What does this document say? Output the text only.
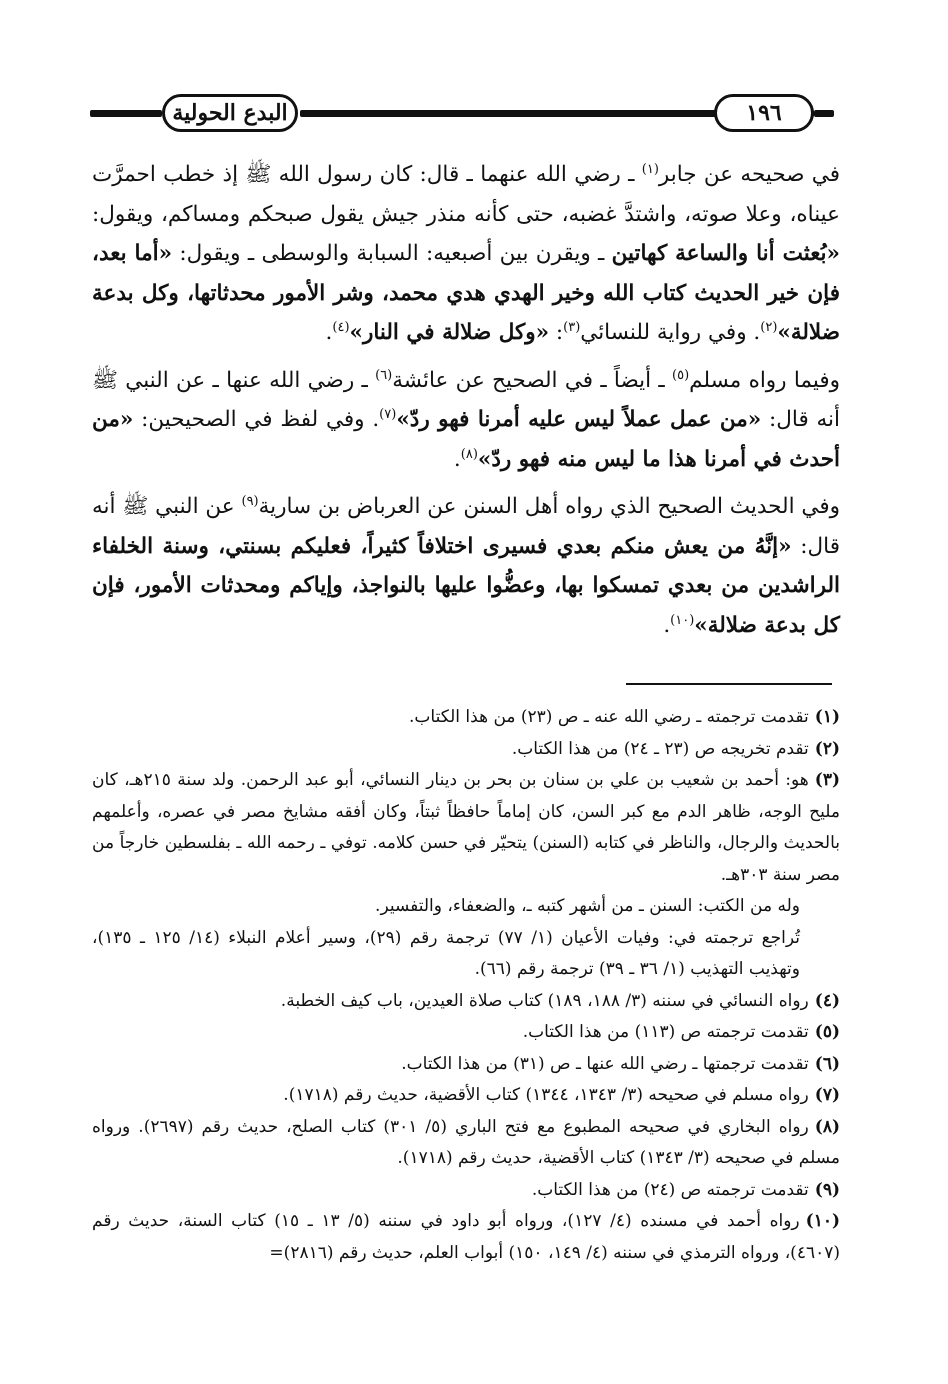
البدع الحولية	١٩٦

في صحيحه عن جابر$^{(١)}$ ـ رضي الله عنهما ـ قال: كان رسول الله ﷺ إذ خطب احمرَّت عيناه، وعلا صوته، واشتدَّ غضبه، حتى كأنه منذر جيش يقول صبحكم ومساكم، ويقول: «بُعثت أنا والساعة كهاتين ـ ويقرن بين أصبعيه: السبابة والوسطى ـ ويقول: «أما بعد، فإن خير الحديث كتاب الله وخير الهدي هدي محمد، وشر الأمور محدثاتها، وكل بدعة ضلالة»$^{(٢)}$. وفي رواية للنسائي$^{(٣)}$: «وكل ضلالة في النار»$^{(٤)}$.

وفيما رواه مسلم$^{(٥)}$ ـ أيضاً ـ في الصحيح عن عائشة$^{(٦)}$ ـ رضي الله عنها ـ عن النبي ﷺ أنه قال: «من عمل عملاً ليس عليه أمرنا فهو ردّ»$^{(٧)}$. وفي لفظ في الصحيحين: «من أحدث في أمرنا هذا ما ليس منه فهو ردّ»$^{(٨)}$.

وفي الحديث الصحيح الذي رواه أهل السنن عن العرباض بن سارية$^{(٩)}$ عن النبي ﷺ أنه قال: «إنَّهُ من يعش منكم بعدي فسيرى اختلافاً كثيراً، فعليكم بسنتي، وسنة الخلفاء الراشدين من بعدي تمسكوا بها، وعضُّوا عليها بالنواجذ، وإياكم ومحدثات الأمور، فإن كل بدعة ضلالة»$^{(١٠)}$.

(١)تقدمت ترجمته ـ رضي الله عنه ـ ص (٢٣) من هذا الكتاب.

(٢)تقدم تخريجه ص (٢٣ ـ ٢٤) من هذا الكتاب.

(٣)هو: أحمد بن شعيب بن علي بن سنان بن بحر بن دينار النسائي، أبو عبد الرحمن. ولد سنة ٢١٥هـ، كان مليح الوجه، ظاهر الدم مع كبر السن، كان إماماً حافظاً ثبتاً، وكان أفقه مشايخ مصر في عصره، وأعلمهم بالحديث والرجال، والناظر في كتابه (السنن) يتحيّر في حسن كلامه. توفي ـ رحمه الله ـ بفلسطين خارجاً من مصر سنة ٣٠٣هـ.

وله من الكتب: السنن ـ من أشهر كتبه ـ، والضعفاء، والتفسير.

تُراجع ترجمته في: وفيات الأعيان (١/ ٧٧) ترجمة رقم (٢٩)، وسير أعلام النبلاء (١٤/ ١٢٥ ـ ١٣٥)، وتهذيب التهذيب (١/ ٣٦ ـ ٣٩) ترجمة رقم (٦٦).

(٤)رواه النسائي في سننه (٣/ ١٨٨، ١٨٩) كتاب صلاة العيدين، باب كيف الخطبة.

(٥)تقدمت ترجمته ص (١١٣) من هذا الكتاب.

(٦)تقدمت ترجمتها ـ رضي الله عنها ـ ص (٣١) من هذا الكتاب.

(٧)رواه مسلم في صحيحه (٣/ ١٣٤٣، ١٣٤٤) كتاب الأقضية، حديث رقم (١٧١٨).

(٨)رواه البخاري في صحيحه المطبوع مع فتح الباري (٥/ ٣٠١) كتاب الصلح، حديث رقم (٢٦٩٧). ورواه مسلم في صحيحه (٣/ ١٣٤٣) كتاب الأقضية، حديث رقم (١٧١٨).

(٩)تقدمت ترجمته ص (٢٤) من هذا الكتاب.

(١٠)رواه أحمد في مسنده (٤/ ١٢٧)، ورواه أبو داود في سننه (٥/ ١٣ ـ ١٥) كتاب السنة، حديث رقم (٤٦٠٧)، ورواه الترمذي في سننه (٤/ ١٤٩، ١٥٠) أبواب العلم، حديث رقم (٢٨١٦)=
